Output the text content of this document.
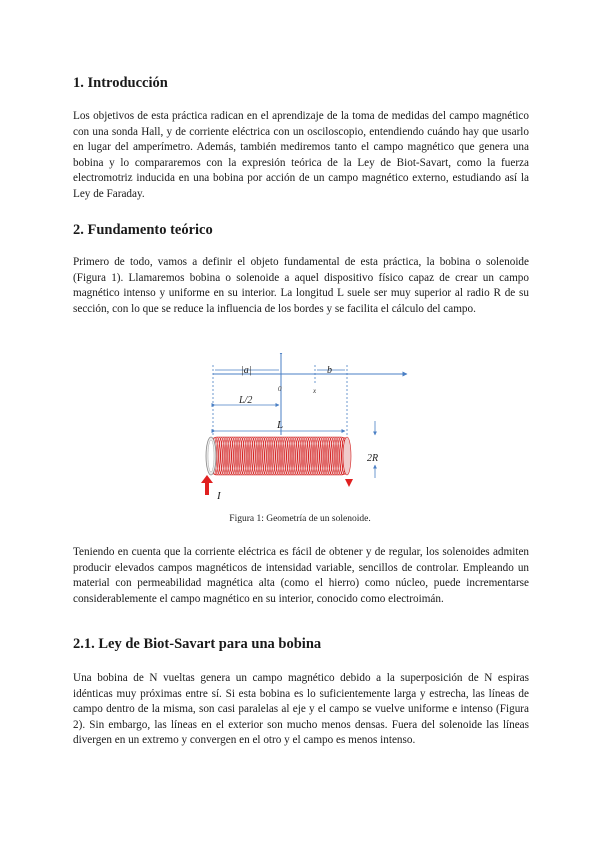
1. Introducción

Los objetivos de esta práctica radican en el aprendizaje de la toma de medidas del campo magnético con una sonda Hall, y de corriente eléctrica con un osciloscopio, entendiendo cuándo hay que usarlo en lugar del amperímetro. Además, también mediremos tanto el campo magnético que genera una bobina y lo compararemos con la expresión teórica de la Ley de Biot-Savart, como la fuerza electromotriz inducida en una bobina por acción de un campo magnético externo, estudiando así la Ley de Faraday.

2. Fundamento teórico

Primero de todo, vamos a definir el objeto fundamental de esta práctica, la bobina o solenoide (Figura 1). Llamaremos bobina o solenoide a aquel dispositivo físico capaz de crear un campo magnético intenso y uniforme en su interior. La longitud L suele ser muy superior al radio R de su sección, con lo que se reduce la influencia de los bordes y se facilita el cálculo del campo.

|a|	b
0	x
L/2
L
2R
I
Figura 1: Geometría de un solenoide.

Teniendo en cuenta que la corriente eléctrica es fácil de obtener y de regular, los solenoides admiten producir elevados campos magnéticos de intensidad variable, sencillos de controlar. Empleando un material con permeabilidad magnética alta (como el hierro) como núcleo, puede incrementarse considerablemente el campo magnético en su interior, conocido como electroimán.

2.1. Ley de Biot-Savart para una bobina

Una bobina de N vueltas genera un campo magnético debido a la superposición de N espiras idénticas muy próximas entre sí. Si esta bobina es lo suficientemente larga y estrecha, las líneas de campo dentro de la misma, son casi paralelas al eje y el campo se vuelve uniforme e intenso (Figura 2). Sin embargo, las líneas en el exterior son mucho menos densas. Fuera del solenoide las líneas divergen en un extremo y convergen en el otro y el campo es menos intenso.
